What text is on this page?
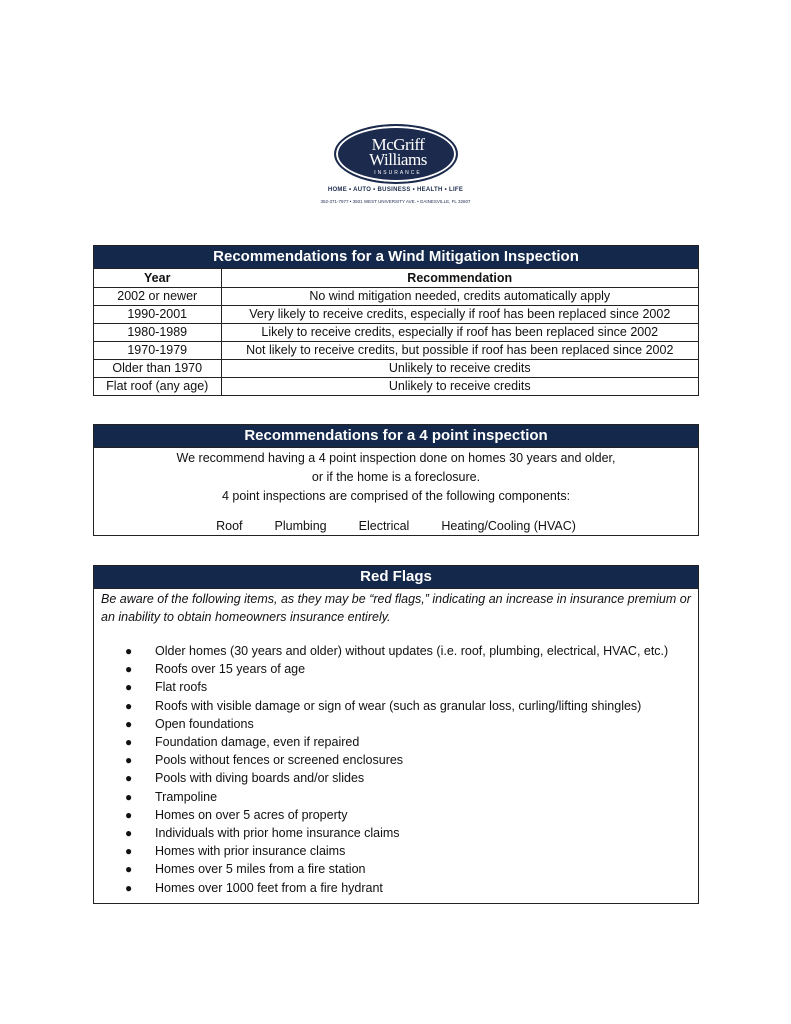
McGriff
Williams
INSURANCE
HOME • AUTO • BUSINESS • HEALTH • LIFE
352-371-7977 • 3501 WEST UNIVERSITY AVE. • GAINESVILLE, FL 32607
Recommendations for a Wind Mitigation Inspection
Year	Recommendation
2002 or newer	No wind mitigation needed, credits automatically apply
1990-2001	Very likely to receive credits, especially if roof has been replaced since 2002
1980-1989	Likely to receive credits, especially if roof has been replaced since 2002
1970-1979	Not likely to receive credits, but possible if roof has been replaced since 2002
Older than 1970	Unlikely to receive credits
Flat roof (any age)	Unlikely to receive credits
Recommendations for a 4 point inspection
We recommend having a 4 point inspection done on homes 30 years and older,
or if the home is a foreclosure.
4 point inspections are comprised of the following components:
Roof	Plumbing	Electrical	Heating/Cooling (HVAC)
Red Flags
Be aware of the following items, as they may be “red flags,” indicating an increase in insurance premium or an inability to obtain homeowners insurance entirely.
● Older homes (30 years and older) without updates (i.e. roof, plumbing, electrical, HVAC, etc.)
● Roofs over 15 years of age
● Flat roofs
● Roofs with visible damage or sign of wear (such as granular loss, curling/lifting shingles)
● Open foundations
● Foundation damage, even if repaired
● Pools without fences or screened enclosures
● Pools with diving boards and/or slides
● Trampoline
● Homes on over 5 acres of property
● Individuals with prior home insurance claims
● Homes with prior insurance claims
● Homes over 5 miles from a fire station
● Homes over 1000 feet from a fire hydrant
